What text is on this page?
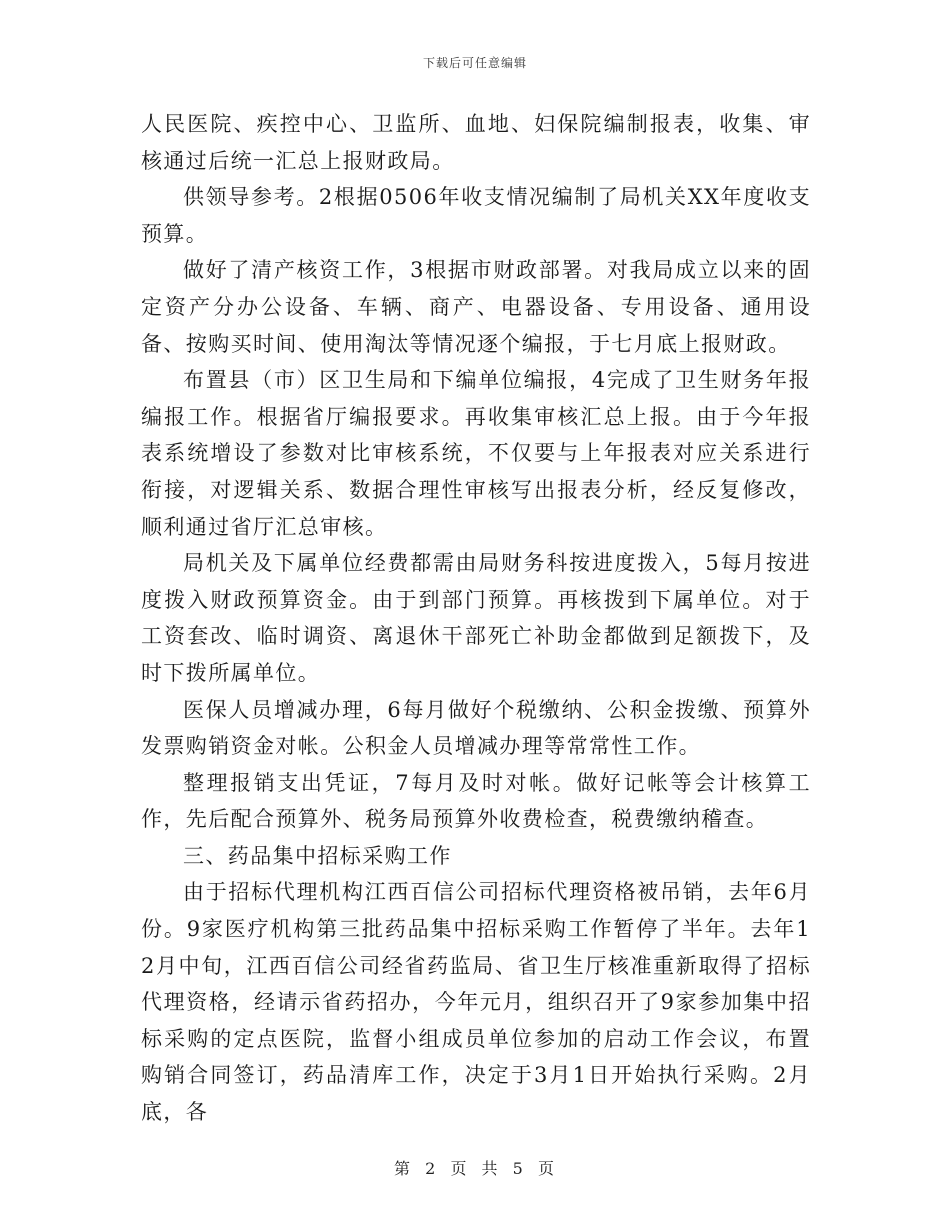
下载后可任意编辑

人民医院、疾控中心、卫监所、血地、妇保院编制报表，收集、审核通过后统一汇总上报财政局。

供领导参考。2根据0506年收支情况编制了局机关XX年度收支预算。

做好了清产核资工作，3根据市财政部署。对我局成立以来的固定资产分办公设备、车辆、商产、电器设备、专用设备、通用设备、按购买时间、使用淘汰等情况逐个编报，于七月底上报财政。

布置县（市）区卫生局和下编单位编报，4完成了卫生财务年报编报工作。根据省厅编报要求。再收集审核汇总上报。由于今年报表系统增设了参数对比审核系统，不仅要与上年报表对应关系进行衔接，对逻辑关系、数据合理性审核写出报表分析，经反复修改，顺利通过省厅汇总审核。

局机关及下属单位经费都需由局财务科按进度拨入，5每月按进度拨入财政预算资金。由于到部门预算。再核拨到下属单位。对于工资套改、临时调资、离退休干部死亡补助金都做到足额拨下，及时下拨所属单位。

医保人员增减办理，6每月做好个税缴纳、公积金拨缴、预算外发票购销资金对帐。公积金人员增减办理等常常性工作。

整理报销支出凭证，7每月及时对帐。做好记帐等会计核算工作，先后配合预算外、税务局预算外收费检查，税费缴纳稽查。

三、药品集中招标采购工作

由于招标代理机构江西百信公司招标代理资格被吊销，去年6月份。9家医疗机构第三批药品集中招标采购工作暂停了半年。去年12月中旬，江西百信公司经省药监局、省卫生厅核准重新取得了招标代理资格，经请示省药招办，今年元月，组织召开了9家参加集中招标采购的定点医院，监督小组成员单位参加的启动工作会议，布置购销合同签订，药品清库工作，决定于3月1日开始执行采购。2月底，各

第 2 页 共 5 页
